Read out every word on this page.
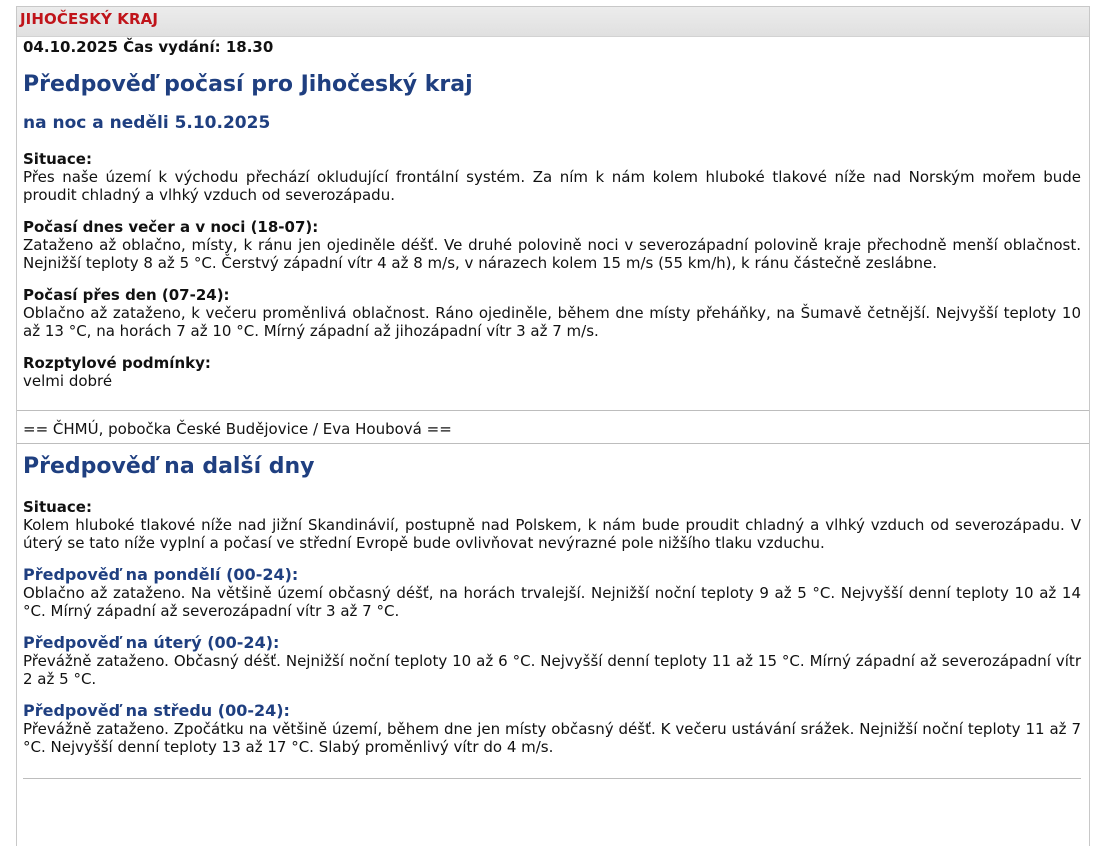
JIHOČESKÝ KRAJ

04.10.2025 Čas vydání: 18.30

Předpověď počasí pro Jihočeský kraj
na noc a neděli 5.10.2025
Situace:

Přes naše území k východu přechází okludující frontální systém. Za ním k nám kolem hluboké tlakové níže nad Norským mořem bude proudit chladný a vlhký vzduch od severozápadu.

Počasí dnes večer a v noci (18-07):

Zataženo až oblačno, místy, k ránu jen ojediněle déšť. Ve druhé polovině noci v severozápadní polovině kraje přechodně menší oblačnost. Nejnižší teploty 8 až 5 °C. Čerstvý západní vítr 4 až 8 m/s, v nárazech kolem 15 m/s (55 km/h), k ránu částečně zeslábne.

Počasí přes den (07-24):

Oblačno až zataženo, k večeru proměnlivá oblačnost. Ráno ojediněle, během dne místy přeháňky, na Šumavě četnější. Nejvyšší teploty 10 až 13 °C, na horách 7 až 10 °C. Mírný západní až jihozápadní vítr 3 až 7 m/s.

Rozptylové podmínky:

velmi dobré

== ČHMÚ, pobočka České Budějovice / Eva Houbová ==

Předpověď na další dny
Situace:

Kolem hluboké tlakové níže nad jižní Skandinávií, postupně nad Polskem, k nám bude proudit chladný a vlhký vzduch od severozápadu. V úterý se tato níže vyplní a počasí ve střední Evropě bude ovlivňovat nevýrazné pole nižšího tlaku vzduchu.

Předpověď na pondělí (00-24):

Oblačno až zataženo. Na většině území občasný déšť, na horách trvalejší. Nejnižší noční teploty 9 až 5 °C. Nejvyšší denní teploty 10 až 14 °C. Mírný západní až severozápadní vítr 3 až 7 °C.

Předpověď na úterý (00-24):

Převážně zataženo. Občasný déšť. Nejnižší noční teploty 10 až 6 °C. Nejvyšší denní teploty 11 až 15 °C. Mírný západní až severozápadní vítr 2 až 5 °C.

Předpověď na středu (00-24):

Převážně zataženo. Zpočátku na většině území, během dne jen místy občasný déšť. K večeru ustávání srážek. Nejnižší noční teploty 11 až 7 °C. Nejvyšší denní teploty 13 až 17 °C. Slabý proměnlivý vítr do 4 m/s.
